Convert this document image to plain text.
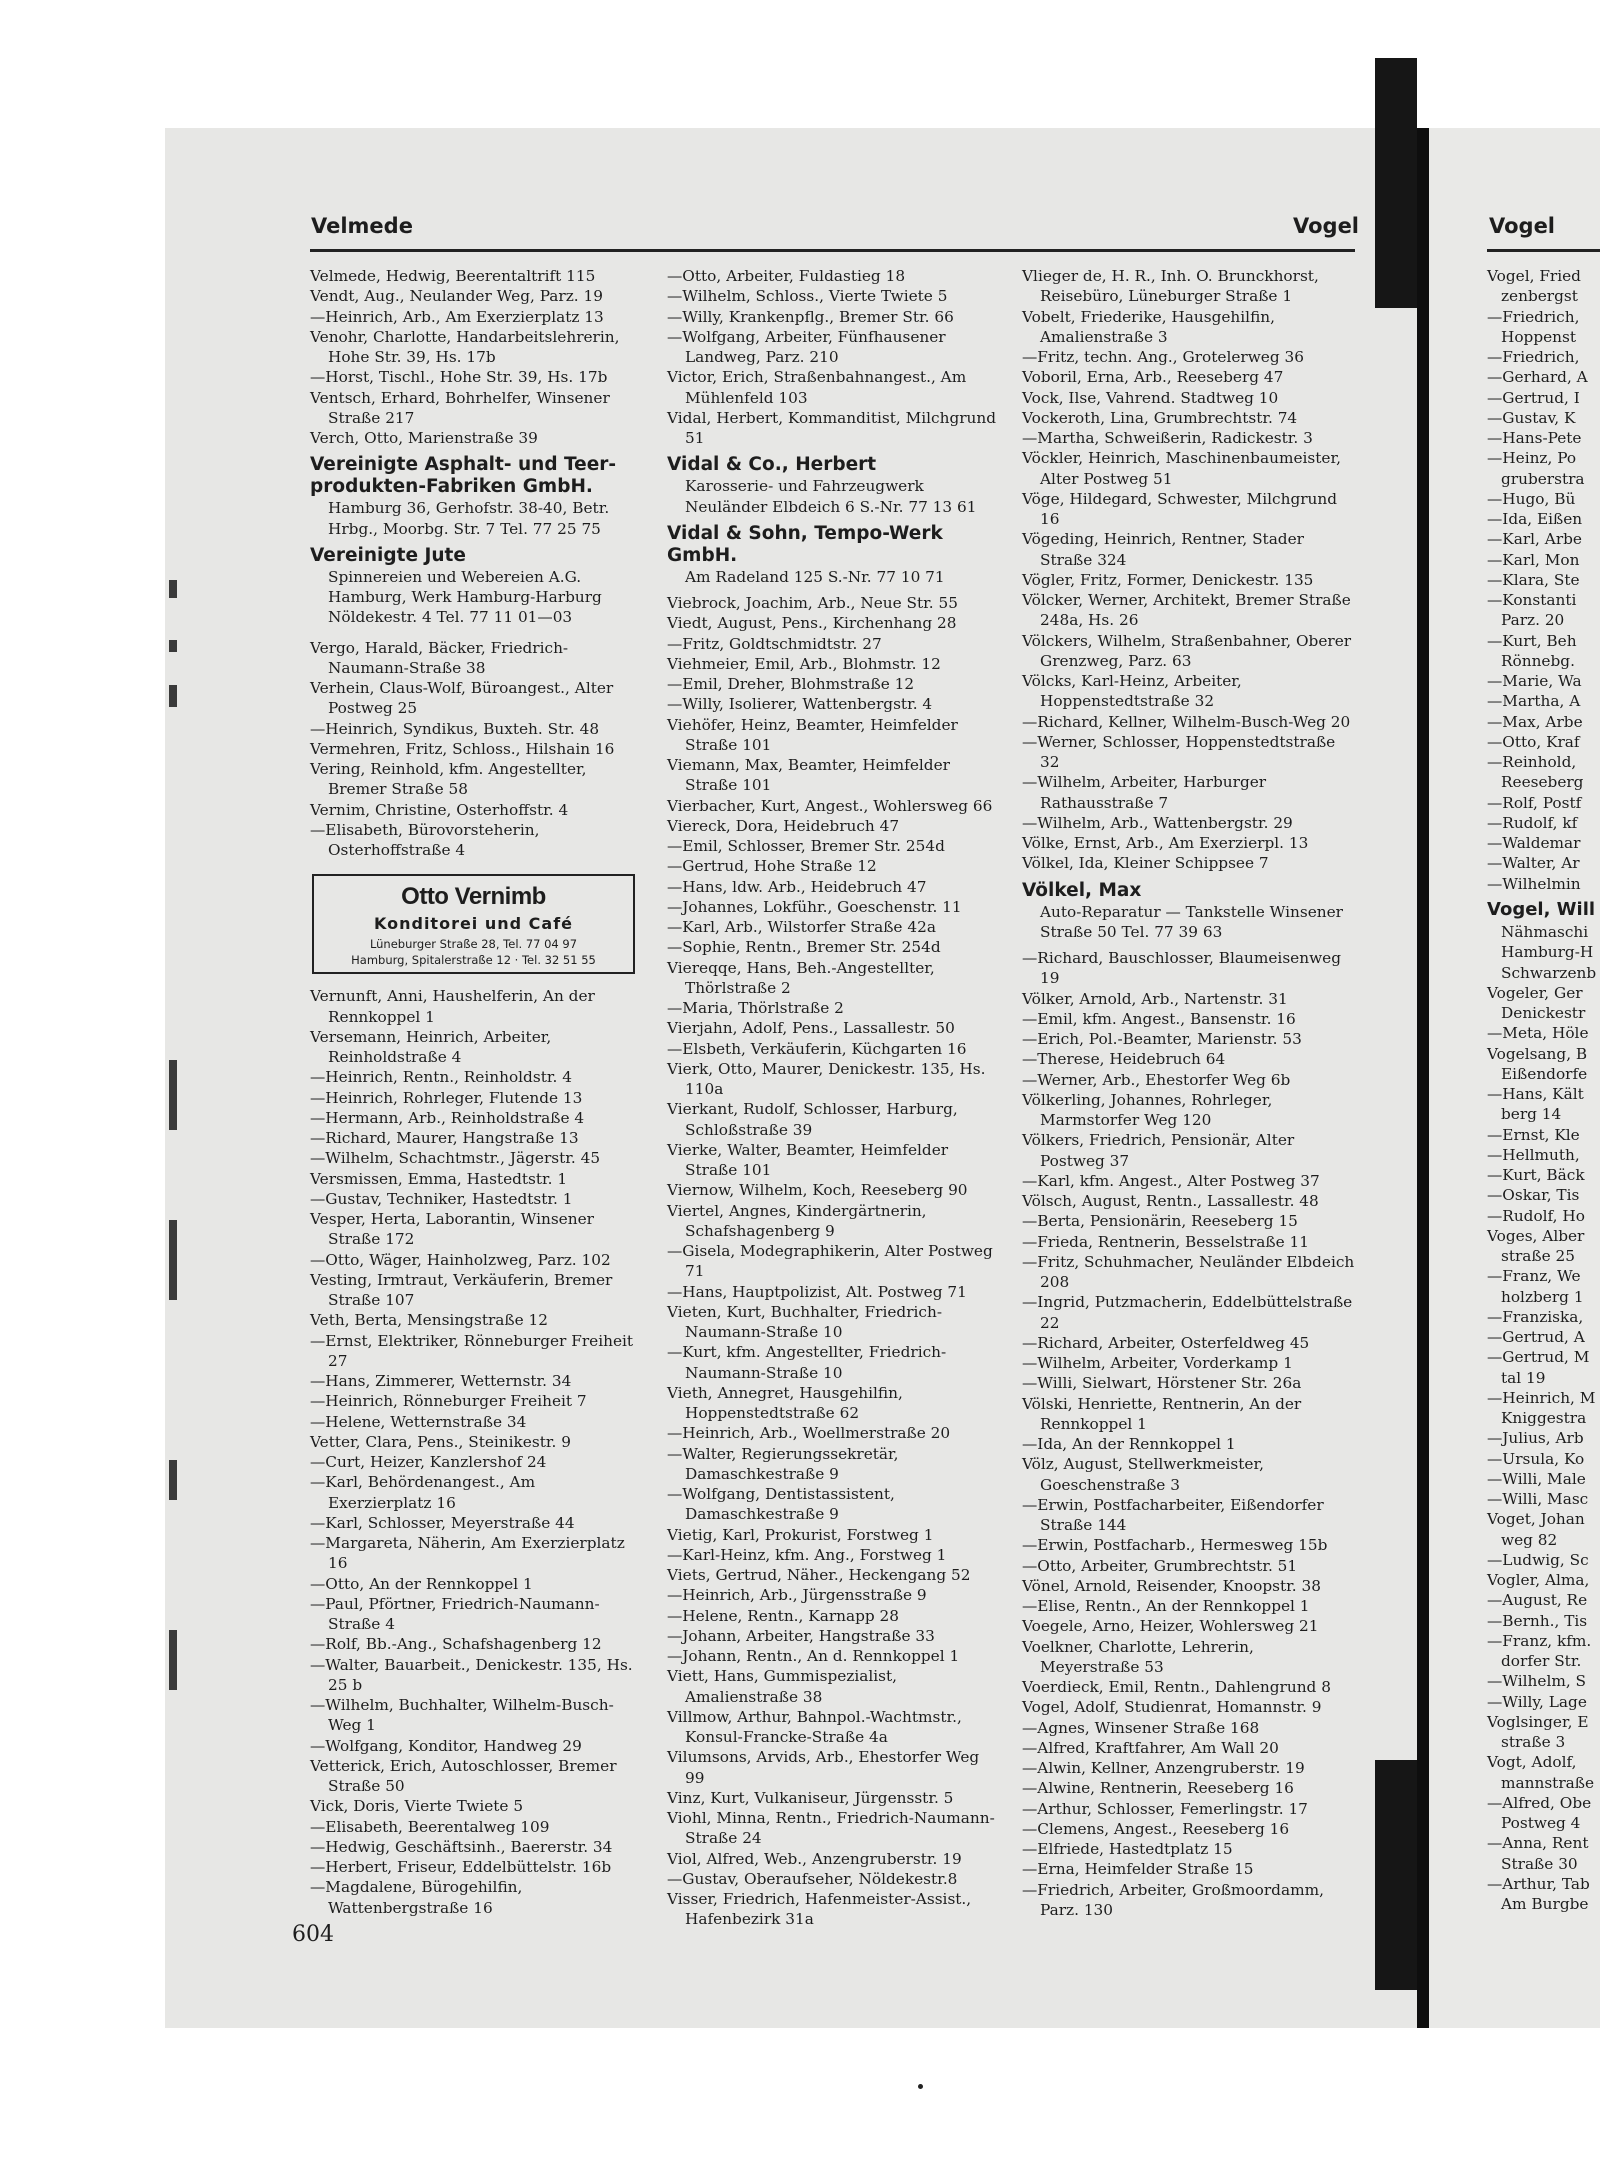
Velmede	Vogel
Velmede, Hedwig, Beerentaltrift 115
Vendt, Aug., Neulander Weg, Parz. 19
—Heinrich, Arb., Am Exerzierplatz 13
Venohr, Charlotte, Handarbeitslehrerin, Hohe Str. 39, Hs. 17b
—Horst, Tischl., Hohe Str. 39, Hs. 17b
Ventsch, Erhard, Bohrhelfer, Winsener Straße 217
Verch, Otto, Marienstraße 39
Vereinigte Asphalt- und Teerprodukten-Fabriken GmbH.
Hamburg 36, Gerhofstr. 38-40, Betr. Hrbg., Moorbg. Str. 7 Tel. 77 25 75
Vereinigte Jute
Spinnereien und Webereien A.G. Hamburg, Werk Hamburg-Harburg Nöldekestr. 4 Tel. 77 11 01—03
Vergo, Harald, Bäcker, Friedrich-Naumann-Straße 38
Verhein, Claus-Wolf, Büroangest., Alter Postweg 25
—Heinrich, Syndikus, Buxteh. Str. 48
Vermehren, Fritz, Schloss., Hilshain 16
Vering, Reinhold, kfm. Angestellter, Bremer Straße 58
Vernim, Christine, Osterhoffstr. 4
—Elisabeth, Bürovorsteherin, Osterhoffstraße 4
Otto Vernimb
Konditorei und Café
Lüneburger Straße 28, Tel. 77 04 97
Hamburg, Spitalerstraße 12 · Tel. 32 51 55
Vernunft, Anni, Haushelferin, An der Rennkoppel 1
Versemann, Heinrich, Arbeiter, Reinholdstraße 4
—Heinrich, Rentn., Reinholdstr. 4
—Heinrich, Rohrleger, Flutende 13
—Hermann, Arb., Reinholdstraße 4
—Richard, Maurer, Hangstraße 13
—Wilhelm, Schachtmstr., Jägerstr. 45
Versmissen, Emma, Hastedtstr. 1
—Gustav, Techniker, Hastedtstr. 1
Vesper, Herta, Laborantin, Winsener Straße 172
—Otto, Wäger, Hainholzweg, Parz. 102
Vesting, Irmtraut, Verkäuferin, Bremer Straße 107
Veth, Berta, Mensingstraße 12
—Ernst, Elektriker, Rönneburger Freiheit 27
—Hans, Zimmerer, Wetternstr. 34
—Heinrich, Rönneburger Freiheit 7
—Helene, Wetternstraße 34
Vetter, Clara, Pens., Steinikestr. 9
—Curt, Heizer, Kanzlershof 24
—Karl, Behördenangest., Am Exerzierplatz 16
—Karl, Schlosser, Meyerstraße 44
—Margareta, Näherin, Am Exerzierplatz 16
—Otto, An der Rennkoppel 1
—Paul, Pförtner, Friedrich-Naumann-Straße 4
—Rolf, Bb.-Ang., Schafshagenberg 12
—Walter, Bauarbeit., Denickestr. 135, Hs. 25 b
—Wilhelm, Buchhalter, Wilhelm-Busch-Weg 1
—Wolfgang, Konditor, Handweg 29
Vetterick, Erich, Autoschlosser, Bremer Straße 50
Vick, Doris, Vierte Twiete 5
—Elisabeth, Beerentalweg 109
—Hedwig, Geschäftsinh., Baererstr. 34
—Herbert, Friseur, Eddelbüttelstr. 16b
—Magdalene, Bürogehilfin, Wattenbergstraße 16
—Otto, Arbeiter, Fuldastieg 18
—Wilhelm, Schloss., Vierte Twiete 5
—Willy, Krankenpflg., Bremer Str. 66
—Wolfgang, Arbeiter, Fünfhausener Landweg, Parz. 210
Victor, Erich, Straßenbahnangest., Am Mühlenfeld 103
Vidal, Herbert, Kommanditist, Milchgrund 51
Vidal & Co., Herbert
Karosserie- und Fahrzeugwerk Neuländer Elbdeich 6 S.-Nr. 77 13 61
Vidal & Sohn, Tempo-Werk GmbH.
Am Radeland 125 S.-Nr. 77 10 71
Viebrock, Joachim, Arb., Neue Str. 55
Viedt, August, Pens., Kirchenhang 28
—Fritz, Goldtschmidtstr. 27
Viehmeier, Emil, Arb., Blohmstr. 12
—Emil, Dreher, Blohmstraße 12
—Willy, Isolierer, Wattenbergstr. 4
Viehöfer, Heinz, Beamter, Heimfelder Straße 101
Viemann, Max, Beamter, Heimfelder Straße 101
Vierbacher, Kurt, Angest., Wohlersweg 66
Viereck, Dora, Heidebruch 47
—Emil, Schlosser, Bremer Str. 254d
—Gertrud, Hohe Straße 12
—Hans, ldw. Arb., Heidebruch 47
—Johannes, Lokführ., Goeschenstr. 11
—Karl, Arb., Wilstorfer Straße 42a
—Sophie, Rentn., Bremer Str. 254d
Viereqqe, Hans, Beh.-Angestellter, Thörlstraße 2
—Maria, Thörlstraße 2
Vierjahn, Adolf, Pens., Lassallestr. 50
—Elsbeth, Verkäuferin, Küchgarten 16
Vierk, Otto, Maurer, Denickestr. 135, Hs. 110a
Vierkant, Rudolf, Schlosser, Harburg, Schloßstraße 39
Vierke, Walter, Beamter, Heimfelder Straße 101
Viernow, Wilhelm, Koch, Reeseberg 90
Viertel, Angnes, Kindergärtnerin, Schafshagenberg 9
—Gisela, Modegraphikerin, Alter Postweg 71
—Hans, Hauptpolizist, Alt. Postweg 71
Vieten, Kurt, Buchhalter, Friedrich-Naumann-Straße 10
—Kurt, kfm. Angestellter, Friedrich-Naumann-Straße 10
Vieth, Annegret, Hausgehilfin, Hoppenstedtstraße 62
—Heinrich, Arb., Woellmerstraße 20
—Walter, Regierungssekretär, Damaschkestraße 9
—Wolfgang, Dentistassistent, Damaschkestraße 9
Vietig, Karl, Prokurist, Forstweg 1
—Karl-Heinz, kfm. Ang., Forstweg 1
Viets, Gertrud, Näher., Heckengang 52
—Heinrich, Arb., Jürgensstraße 9
—Helene, Rentn., Karnapp 28
—Johann, Arbeiter, Hangstraße 33
—Johann, Rentn., An d. Rennkoppel 1
Viett, Hans, Gummispezialist, Amalienstraße 38
Villmow, Arthur, Bahnpol.-Wachtmstr., Konsul-Francke-Straße 4a
Vilumsons, Arvids, Arb., Ehestorfer Weg 99
Vinz, Kurt, Vulkaniseur, Jürgensstr. 5
Viohl, Minna, Rentn., Friedrich-Naumann-Straße 24
Viol, Alfred, Web., Anzengruberstr. 19
—Gustav, Oberaufseher, Nöldekestr.8
Visser, Friedrich, Hafenmeister-Assist., Hafenbezirk 31a
Vlieger de, H. R., Inh. O. Brunckhorst, Reisebüro, Lüneburger Straße 1
Vobelt, Friederike, Hausgehilfin, Amalienstraße 3
—Fritz, techn. Ang., Grotelerweg 36
Voboril, Erna, Arb., Reeseberg 47
Vock, Ilse, Vahrend. Stadtweg 10
Vockeroth, Lina, Grumbrechtstr. 74
—Martha, Schweißerin, Radickestr. 3
Vöckler, Heinrich, Maschinenbaumeister, Alter Postweg 51
Vöge, Hildegard, Schwester, Milchgrund 16
Vögeding, Heinrich, Rentner, Stader Straße 324
Vögler, Fritz, Former, Denickestr. 135
Völcker, Werner, Architekt, Bremer Straße 248a, Hs. 26
Völckers, Wilhelm, Straßenbahner, Oberer Grenzweg, Parz. 63
Völcks, Karl-Heinz, Arbeiter, Hoppenstedtstraße 32
—Richard, Kellner, Wilhelm-Busch-Weg 20
—Werner, Schlosser, Hoppenstedtstraße 32
—Wilhelm, Arbeiter, Harburger Rathausstraße 7
—Wilhelm, Arb., Wattenbergstr. 29
Völke, Ernst, Arb., Am Exerzierpl. 13
Völkel, Ida, Kleiner Schippsee 7
Völkel, Max
Auto-Reparatur — Tankstelle Winsener Straße 50 Tel. 77 39 63
—Richard, Bauschlosser, Blaumeisenweg 19
Völker, Arnold, Arb., Nartenstr. 31
—Emil, kfm. Angest., Bansenstr. 16
—Erich, Pol.-Beamter, Marienstr. 53
—Therese, Heidebruch 64
—Werner, Arb., Ehestorfer Weg 6b
Völkerling, Johannes, Rohrleger, Marmstorfer Weg 120
Völkers, Friedrich, Pensionär, Alter Postweg 37
—Karl, kfm. Angest., Alter Postweg 37
Völsch, August, Rentn., Lassallestr. 48
—Berta, Pensionärin, Reeseberg 15
—Frieda, Rentnerin, Besselstraße 11
—Fritz, Schuhmacher, Neuländer Elbdeich 208
—Ingrid, Putzmacherin, Eddelbüttelstraße 22
—Richard, Arbeiter, Osterfeldweg 45
—Wilhelm, Arbeiter, Vorderkamp 1
—Willi, Sielwart, Hörstener Str. 26a
Völski, Henriette, Rentnerin, An der Rennkoppel 1
—Ida, An der Rennkoppel 1
Völz, August, Stellwerkmeister, Goeschenstraße 3
—Erwin, Postfacharbeiter, Eißendorfer Straße 144
—Erwin, Postfacharb., Hermesweg 15b
—Otto, Arbeiter, Grumbrechtstr. 51
Vönel, Arnold, Reisender, Knoopstr. 38
—Elise, Rentn., An der Rennkoppel 1
Voegele, Arno, Heizer, Wohlersweg 21
Voelkner, Charlotte, Lehrerin, Meyerstraße 53
Voerdieck, Emil, Rentn., Dahlengrund 8
Vogel, Adolf, Studienrat, Homannstr. 9
—Agnes, Winsener Straße 168
—Alfred, Kraftfahrer, Am Wall 20
—Alwin, Kellner, Anzengruberstr. 19
—Alwine, Rentnerin, Reeseberg 16
—Arthur, Schlosser, Femerlingstr. 17
—Clemens, Angest., Reeseberg 16
—Elfriede, Hastedtplatz 15
—Erna, Heimfelder Straße 15
—Friedrich, Arbeiter, Großmoordamm, Parz. 130
Vogel
Vogel, Fried
zenbergst
—Friedrich,
Hoppenst
—Friedrich,
—Gerhard, A
—Gertrud, I
—Gustav, K
—Hans-Pete
—Heinz, Po
gruberstra
—Hugo, Bü
—Ida, Eißen
—Karl, Arbe
—Karl, Mon
—Klara, Ste
—Konstanti
Parz. 20
—Kurt, Beh
Rönnebg.
—Marie, Wa
—Martha, A
—Max, Arbe
—Otto, Kraf
—Reinhold,
Reeseberg
—Rolf, Postf
—Rudolf, kf
—Waldemar
—Walter, Ar
—Wilhelmin
Vogel, Will
Nähmaschi
Hamburg-H
Schwarzenb
Vogeler, Ger
Denickestr
—Meta, Höle
Vogelsang, B
Eißendorfe
—Hans, Kält
berg 14
—Ernst, Kle
—Hellmuth,
—Kurt, Bäck
—Oskar, Tis
—Rudolf, Ho
Voges, Alber
straße 25
—Franz, We
holzberg 1
—Franziska,
—Gertrud, A
—Gertrud, M
tal 19
—Heinrich, M
Kniggestra
—Julius, Arb
—Ursula, Ko
—Willi, Male
—Willi, Masc
Voget, Johan
weg 82
—Ludwig, Sc
Vogler, Alma,
—August, Re
—Bernh., Tis
—Franz, kfm.
dorfer Str.
—Wilhelm, S
—Willy, Lage
Voglsinger, E
straße 3
Vogt, Adolf,
mannstraße
—Alfred, Obe
Postweg 4
—Anna, Rent
Straße 30
—Arthur, Tab
Am Burgbe
604
